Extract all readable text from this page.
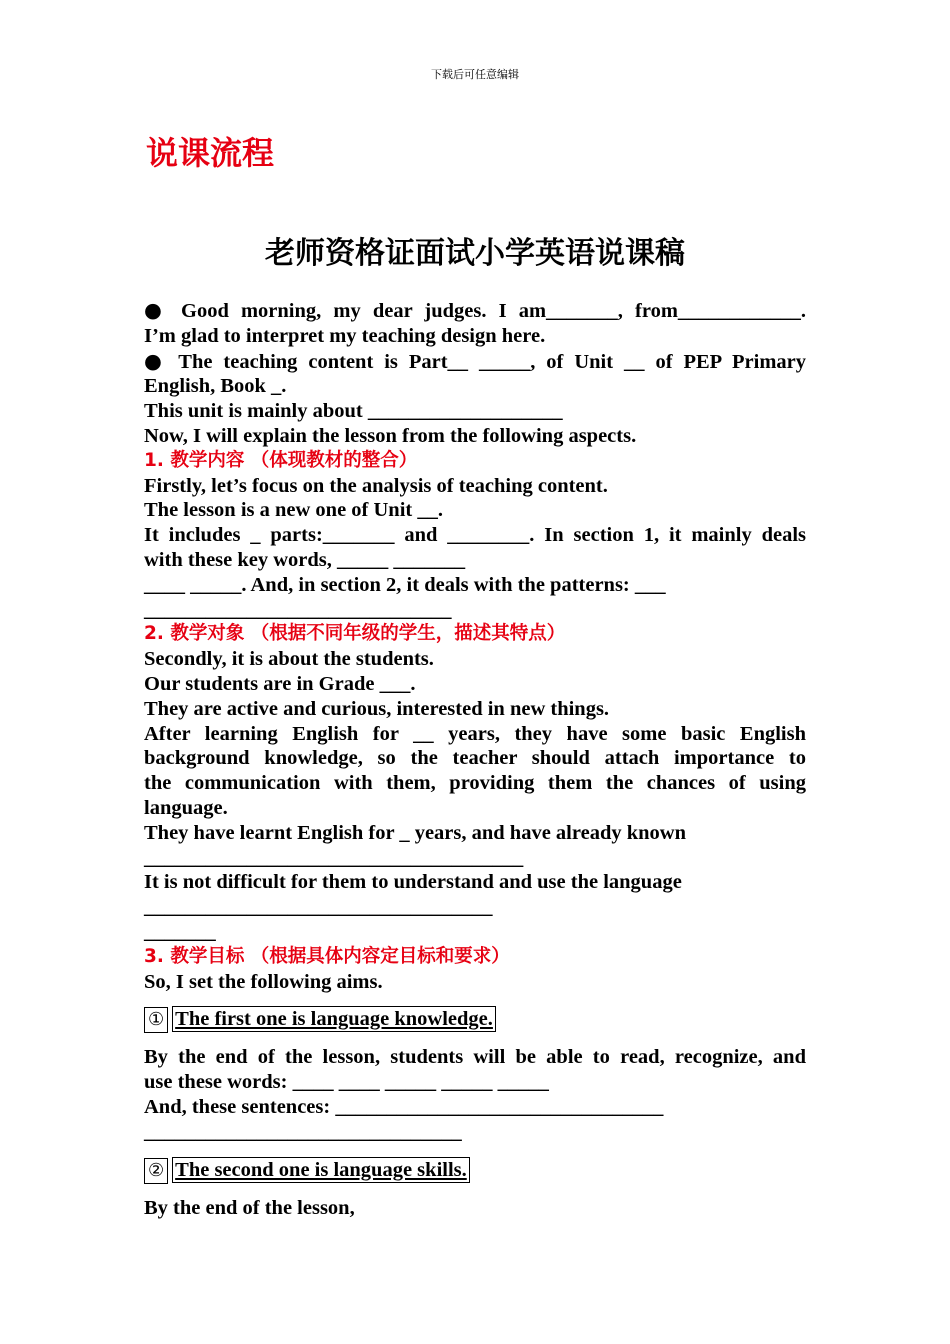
下载后可任意编辑
说课流程
老师资格证面试小学英语说课稿
● Good morning, my dear judges. I am_______, from____________.
I’m glad to interpret my teaching design here.
● The teaching content is Part__ _____, of Unit __ of PEP Primary
English, Book _.
This unit is mainly about ___________________
Now, I will explain the lesson from the following aspects.
1. 教学内容 （体现教材的整合）
Firstly, let’s focus on the analysis of teaching content.
The lesson is a new one of Unit __.
It includes _ parts:_______ and ________. In section 1, it mainly deals
with these key words, _____ _______
____ _____. And, in section 2, it deals with the patterns: ___
______________________________
2. 教学对象 （根据不同年级的学生，描述其特点）
Secondly, it is about the students.
Our students are in Grade ___.
They are active and curious, interested in new things.
After learning English for __ years, they have some basic English
background knowledge, so the teacher should attach importance to
the communication with them, providing them the chances of using
language.
They have learnt English for _ years, and have already known
_____________________________________
It is not difficult for them to understand and use the language
__________________________________
_______
3. 教学目标 （根据具体内容定目标和要求）
So, I set the following aims.
① The first one is language knowledge.
By the end of the lesson, students will be able to read, recognize, and
use these words: ____ ____ _____ _____ _____
And, these sentences: ________________________________
_______________________________
② The second one is language skills.
By the end of the lesson,
